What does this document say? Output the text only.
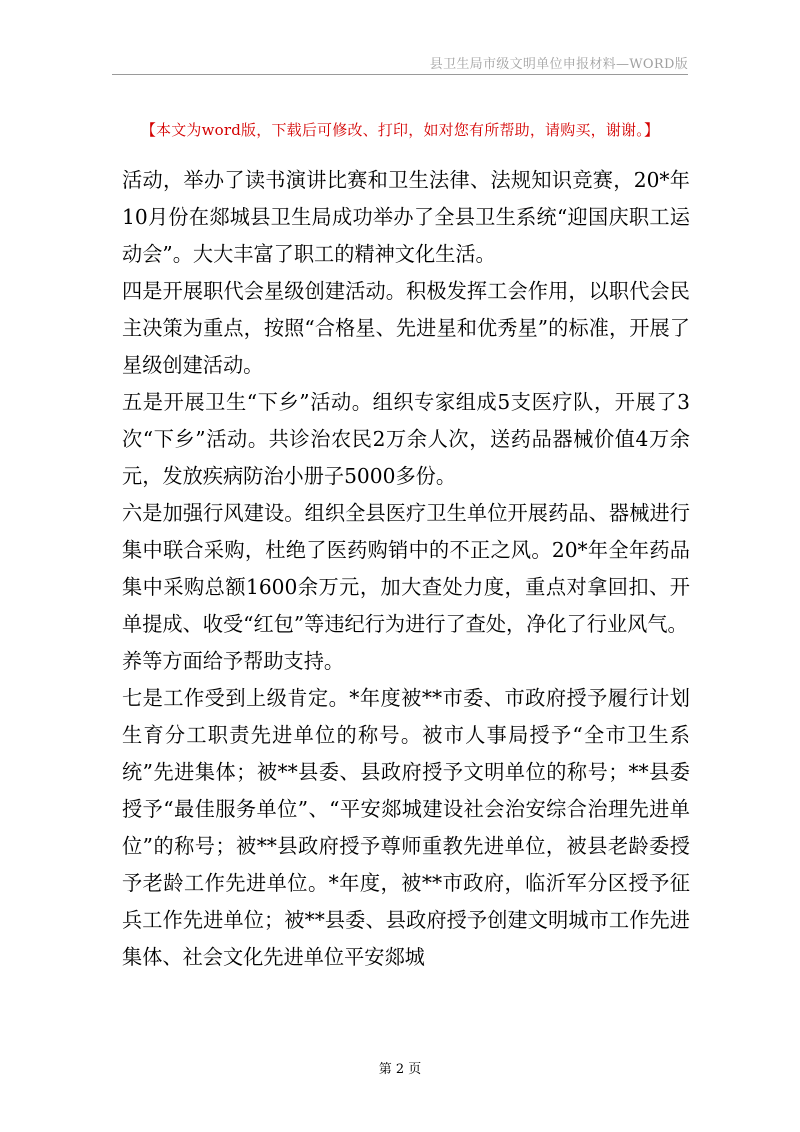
县卫生局市级文明单位申报材料—WORD版
【本文为word版，下载后可修改、打印，如对您有所帮助，请购买，谢谢。】

活动，举办了读书演讲比赛和卫生法律、法规知识竞赛，20*年10月份在郯城县卫生局成功举办了全县卫生系统“迎国庆职工运动会”。大大丰富了职工的精神文化生活。

四是开展职代会星级创建活动。积极发挥工会作用，以职代会民主决策为重点，按照“合格星、先进星和优秀星”的标准，开展了星级创建活动。

五是开展卫生“下乡”活动。组织专家组成5支医疗队，开展了3次“下乡”活动。共诊治农民2万余人次，送药品器械价值4万余元，发放疾病防治小册子5000多份。

六是加强行风建设。组织全县医疗卫生单位开展药品、器械进行集中联合采购，杜绝了医药购销中的不正之风。20*年全年药品集中采购总额1600余万元，加大查处力度，重点对拿回扣、开单提成、收受“红包”等违纪行为进行了查处，净化了行业风气。

养等方面给予帮助支持。

七是工作受到上级肯定。*年度被**市委、市政府授予履行计划生育分工职责先进单位的称号。被市人事局授予“全市卫生系统”先进集体；被**县委、县政府授予文明单位的称号；**县委授予“最佳服务单位”、“平安郯城建设社会治安综合治理先进单位”的称号；被**县政府授予尊师重教先进单位，被县老龄委授予老龄工作先进单位。*年度，被**市政府，临沂军分区授予征兵工作先进单位；被**县委、县政府授予创建文明城市工作先进集体、社会文化先进单位平安郯城

第 2 页
